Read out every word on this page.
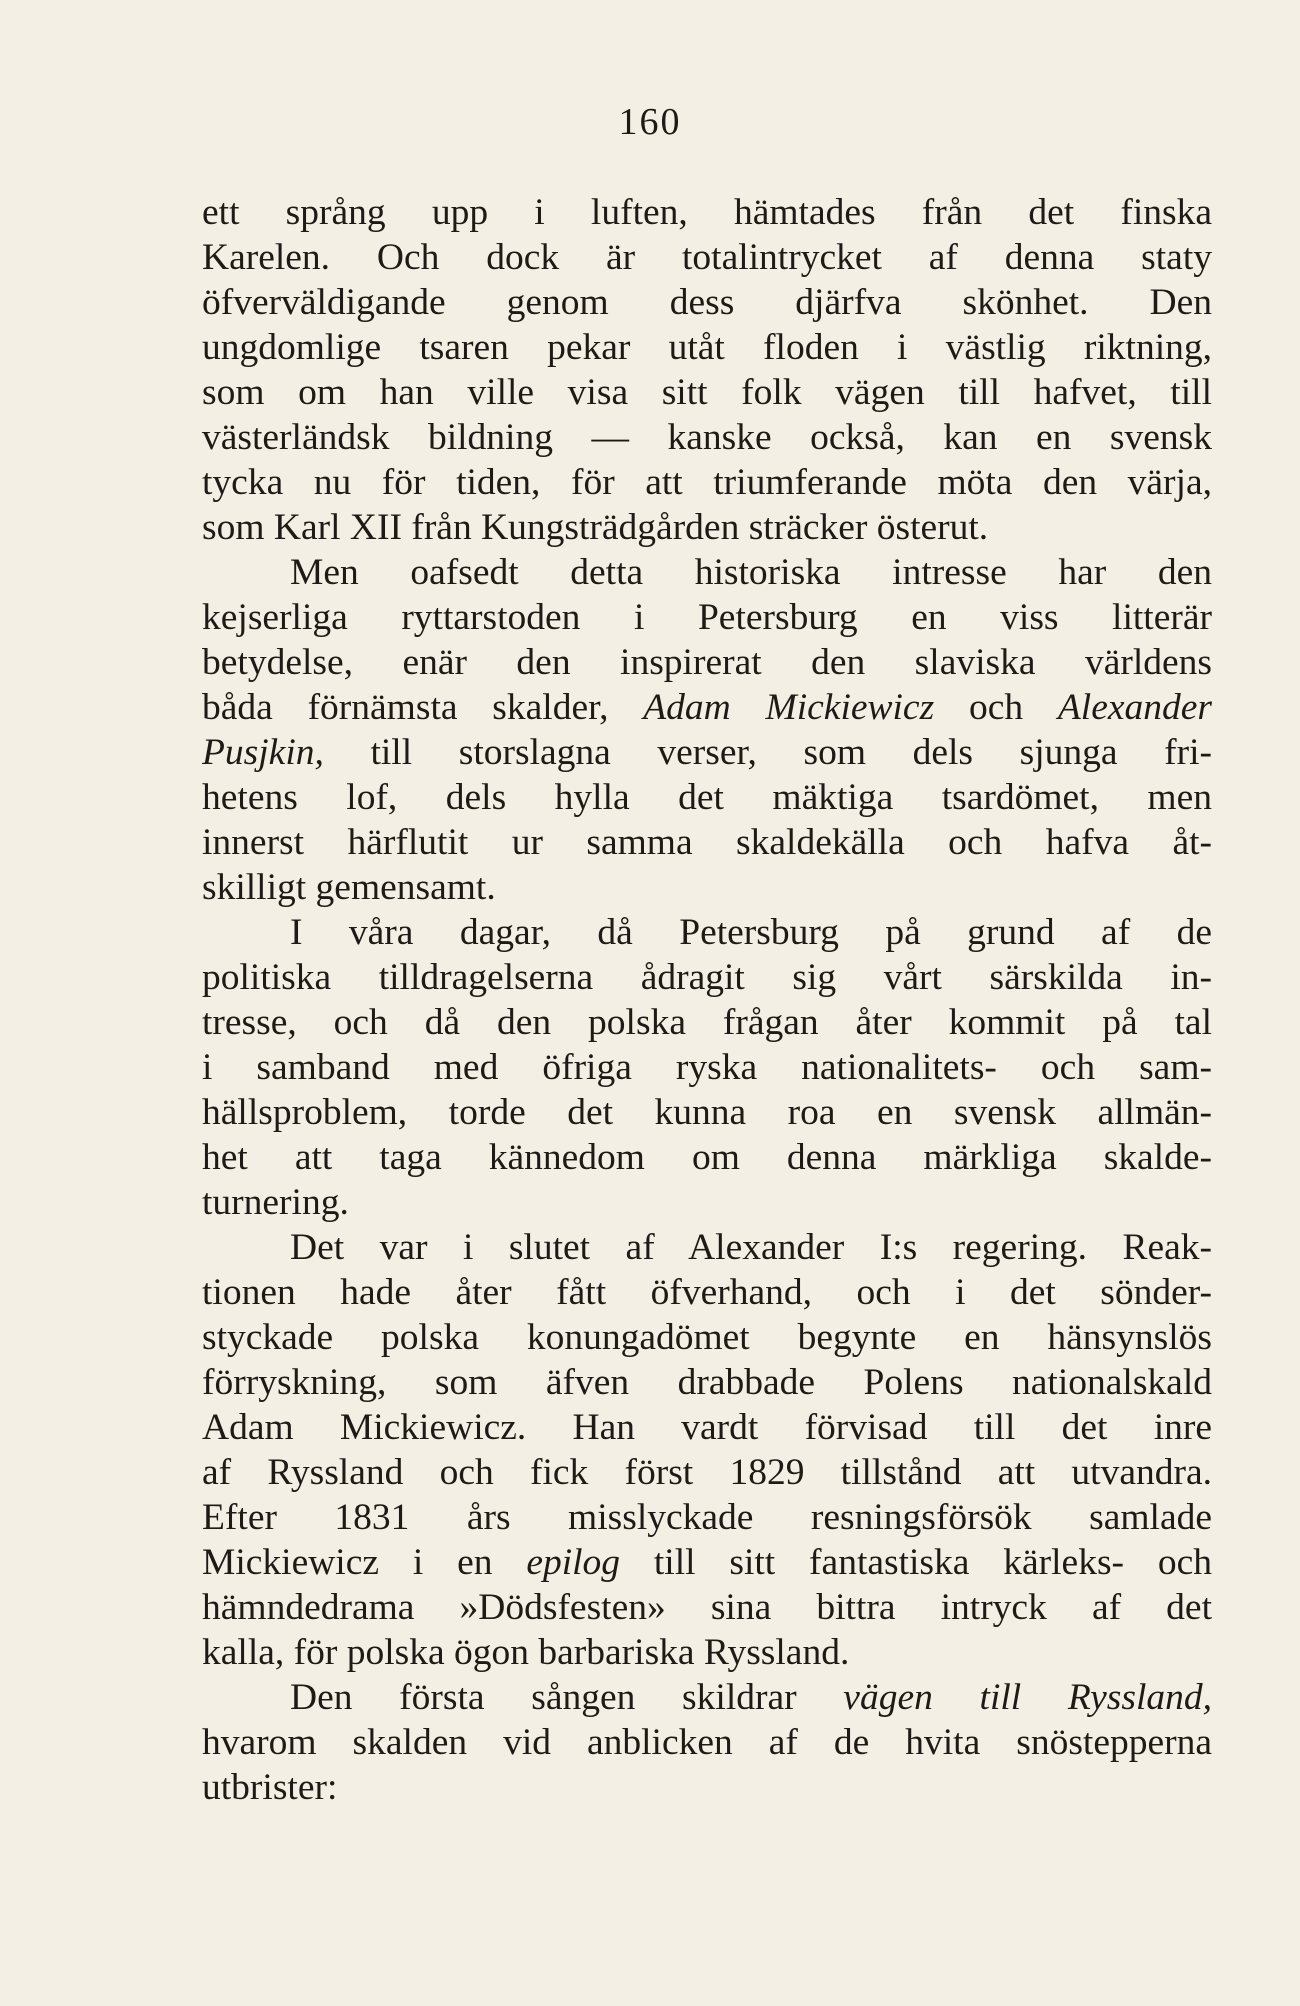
160
ett språng upp i luften, hämtades från det finska
Karelen. Och dock är totalintrycket af denna staty
öfverväldigande genom dess djärfva skönhet. Den
ungdomlige tsaren pekar utåt floden i västlig riktning,
som om han ville visa sitt folk vägen till hafvet, till
västerländsk bildning — kanske också, kan en svensk
tycka nu för tiden, för att triumferande möta den värja,
som Karl XII från Kungsträdgården sträcker österut.
Men oafsedt detta historiska intresse har den
kejserliga ryttarstoden i Petersburg en viss litterär
betydelse, enär den inspirerat den slaviska världens
båda förnämsta skalder, Adam Mickiewicz och Alexander
Pusjkin, till storslagna verser, som dels sjunga fri-
hetens lof, dels hylla det mäktiga tsardömet, men
innerst härflutit ur samma skaldekälla och hafva åt-
skilligt gemensamt.
I våra dagar, då Petersburg på grund af de
politiska tilldragelserna ådragit sig vårt särskilda in-
tresse, och då den polska frågan åter kommit på tal
i samband med öfriga ryska nationalitets- och sam-
hällsproblem, torde det kunna roa en svensk allmän-
het att taga kännedom om denna märkliga skalde-
turnering.
Det var i slutet af Alexander I:s regering. Reak-
tionen hade åter fått öfverhand, och i det sönder-
styckade polska konungadömet begynte en hänsynslös
förryskning, som äfven drabbade Polens nationalskald
Adam Mickiewicz. Han vardt förvisad till det inre
af Ryssland och fick först 1829 tillstånd att utvandra.
Efter 1831 års misslyckade resningsförsök samlade
Mickiewicz i en epilog till sitt fantastiska kärleks- och
hämndedrama »Dödsfesten» sina bittra intryck af det
kalla, för polska ögon barbariska Ryssland.
Den första sången skildrar vägen till Ryssland,
hvarom skalden vid anblicken af de hvita snöstepperna
utbrister:
